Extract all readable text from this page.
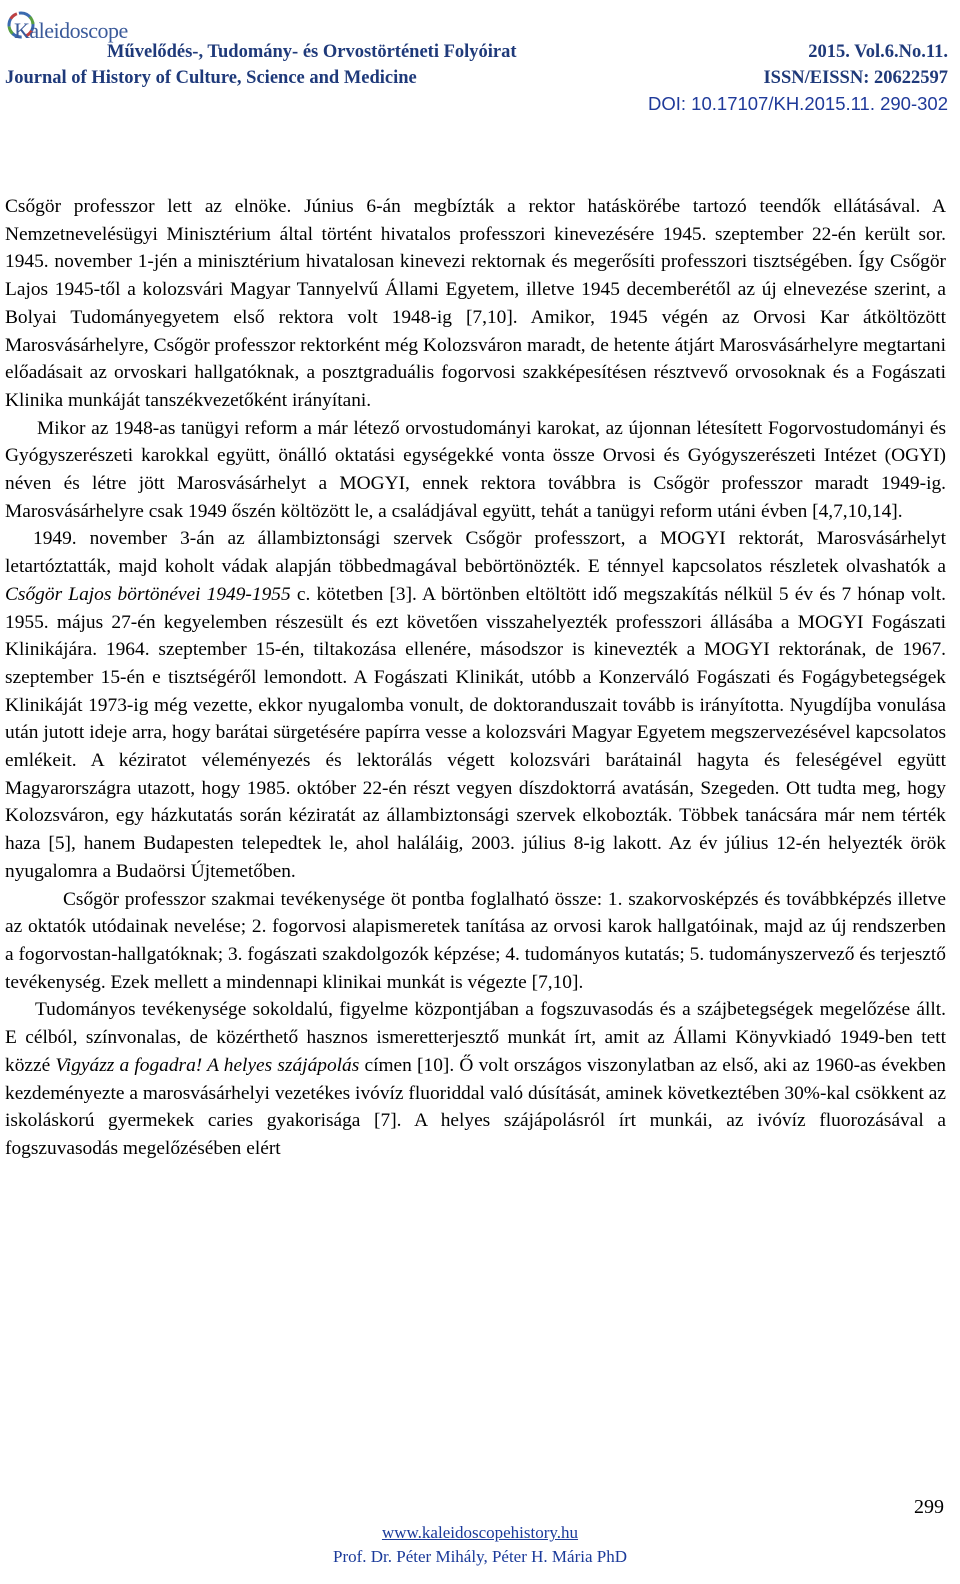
Kaleidoscope
Művelődés-, Tudomány- és Orvostörténeti Folyóirat
Journal of History of Culture, Science and Medicine
2015. Vol.6.No.11.
ISSN/EISSN: 20622597
DOI: 10.17107/KH.2015.11. 290-302

Csőgör professzor lett az elnöke. Június 6-án megbízták a rektor hatáskörébe tartozó teendők ellátásával. A Nemzetnevelésügyi Minisztérium által történt hivatalos professzori kinevezésére 1945. szeptember 22-én került sor. 1945. november 1-jén a minisztérium hivatalosan kinevezi rektornak és megerősíti professzori tisztségében. Így Csőgör Lajos 1945-től a kolozsvári Magyar Tannyelvű Állami Egyetem, illetve 1945 decemberétől az új elnevezése szerint, a Bolyai Tudományegyetem első rektora volt 1948-ig [7,10]. Amikor, 1945 végén az Orvosi Kar átköltözött Marosvásárhelyre, Csőgör professzor rektorként még Kolozsváron maradt, de hetente átjárt Marosvásárhelyre megtartani előadásait az orvoskari hallgatóknak, a posztgraduális fogorvosi szakképesítésen résztvevő orvosoknak és a Fogászati Klinika munkáját tanszékvezetőként irányítani.

Mikor az 1948-as tanügyi reform a már létező orvostudományi karokat, az újonnan létesített Fogorvostudományi és Gyógyszerészeti karokkal együtt, önálló oktatási egységekké vonta össze Orvosi és Gyógyszerészeti Intézet (OGYI) néven és létre jött Marosvásárhelyt a MOGYI, ennek rektora továbbra is Csőgör professzor maradt 1949-ig. Marosvásárhelyre csak 1949 őszén költözött le, a családjával együtt, tehát a tanügyi reform utáni évben [4,7,10,14].

1949. november 3-án az állambiztonsági szervek Csőgör professzort, a MOGYI rektorát, Marosvásárhelyt letartóztatták, majd koholt vádak alapján többedmagával bebörtönözték. E ténnyel kapcsolatos részletek olvashatók a Csőgör Lajos börtönévei 1949-1955 c. kötetben [3]. A börtönben eltöltött idő megszakítás nélkül 5 év és 7 hónap volt. 1955. május 27-én kegyelemben részesült és ezt követően visszahelyezték professzori állásába a MOGYI Fogászati Klinikájára. 1964. szeptember 15-én, tiltakozása ellenére, másodszor is kinevezték a MOGYI rektorának, de 1967. szeptember 15-én e tisztségéről lemondott. A Fogászati Klinikát, utóbb a Konzerváló Fogászati és Fogágybetegségek Klinikáját 1973-ig még vezette, ekkor nyugalomba vonult, de doktoranduszait tovább is irányította. Nyugdíjba vonulása után jutott ideje arra, hogy barátai sürgetésére papírra vesse a kolozsvári Magyar Egyetem megszervezésével kapcsolatos emlékeit. A kéziratot véleményezés és lektorálás végett kolozsvári barátainál hagyta és feleségével együtt Magyarországra utazott, hogy 1985. október 22-én részt vegyen díszdoktorrá avatásán, Szegeden. Ott tudta meg, hogy Kolozsváron, egy házkutatás során kéziratát az állambiztonsági szervek elkobozták. Többek tanácsára már nem térték haza [5], hanem Budapesten telepedtek le, ahol haláláig, 2003. július 8-ig lakott. Az év július 12-én helyezték örök nyugalomra a Budaörsi Újtemetőben.

Csőgör professzor szakmai tevékenysége öt pontba foglalható össze: 1. szakorvosképzés és továbbképzés illetve az oktatók utódainak nevelése; 2. fogorvosi alapismeretek tanítása az orvosi karok hallgatóinak, majd az új rendszerben a fogorvostan-hallgatóknak; 3. fogászati szakdolgozók képzése; 4. tudományos kutatás; 5. tudományszervező és terjesztő tevékenység. Ezek mellett a mindennapi klinikai munkát is végezte [7,10].

Tudományos tevékenysége sokoldalú, figyelme központjában a fogszuvasodás és a szájbetegségek megelőzése állt. E célból, színvonalas, de közérthető hasznos ismeretterjesztő munkát írt, amit az Állami Könyvkiadó 1949-ben tett közzé Vigyázz a fogadra! A helyes szájápolás címen [10]. Ő volt országos viszonylatban az első, aki az 1960-as években kezdeményezte a marosvásárhelyi vezetékes ivóvíz fluoriddal való dúsítását, aminek következtében 30%-kal csökkent az iskoláskorú gyermekek caries gyakorisága [7]. A helyes szájápolásról írt munkái, az ivóvíz fluorozásával a fogszuvasodás megelőzésében elért

299
www.kaleidoscopehistory.hu
Prof. Dr. Péter Mihály, Péter H. Mária PhD
